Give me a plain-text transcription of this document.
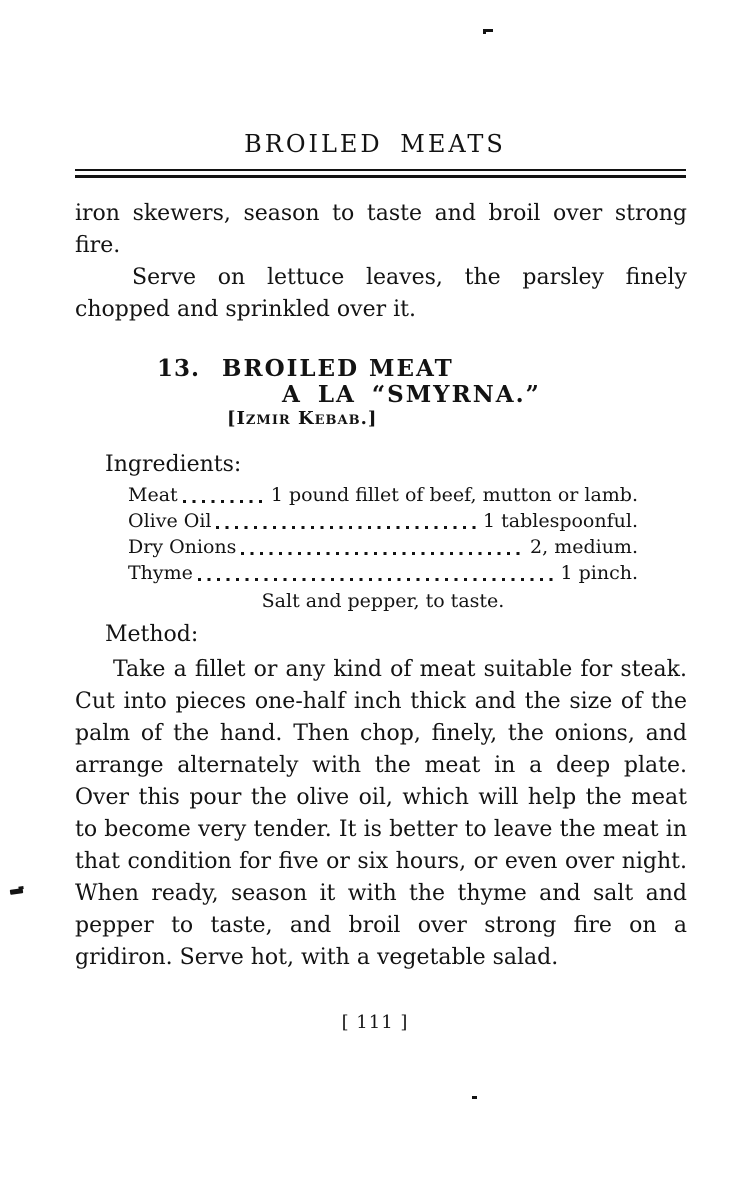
BROILED MEATS

iron skewers, season to taste and broil over strong fire.

Serve on lettuce leaves, the parsley finely chopped and sprinkled over it.

13. BROILED MEAT
A LA “SMYRNA.”
[Izmir Kebab.]
Ingredients:
Meat	1 pound fillet of beef, mutton or lamb.
Olive Oil	1 tablespoonful.
Dry Onions	2, medium.
Thyme	1 pinch.
Salt and pepper, to taste.
Method:

Take a fillet or any kind of meat suitable for steak. Cut into pieces one-half inch thick and the size of the palm of the hand. Then chop, finely, the onions, and arrange alternately with the meat in a deep plate. Over this pour the olive oil, which will help the meat to become very tender. It is better to leave the meat in that condition for five or six hours, or even over night. When ready, season it with the thyme and salt and pepper to taste, and broil over strong fire on a gridiron. Serve hot, with a vegetable salad.

[ 111 ]
